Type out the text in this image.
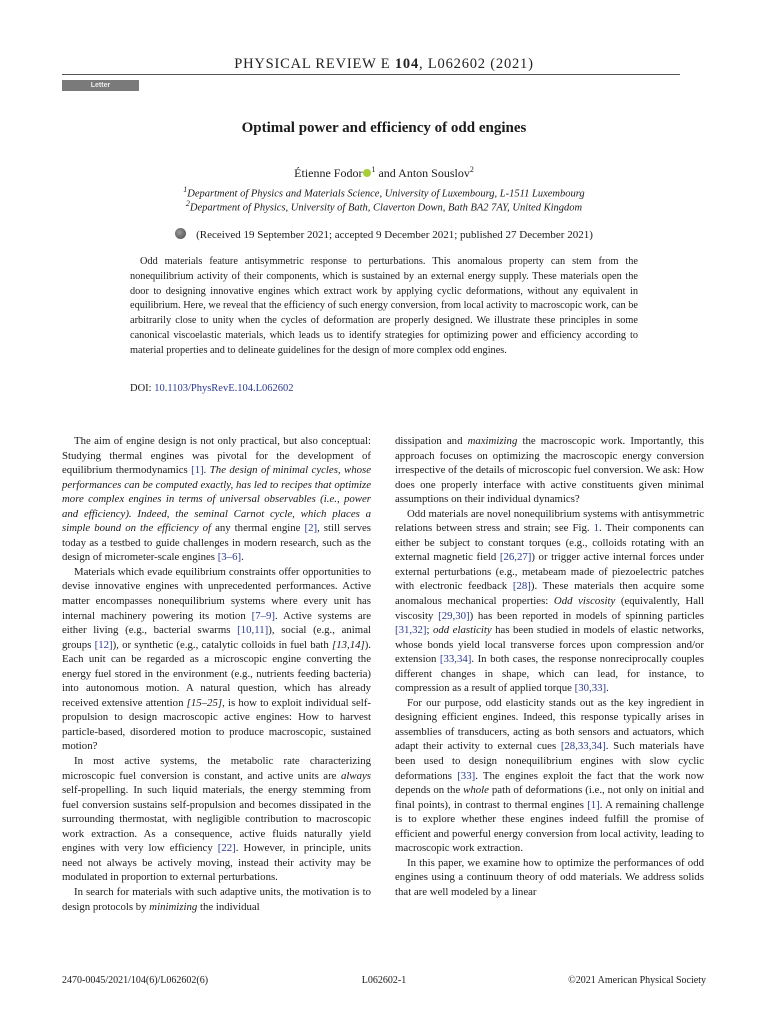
PHYSICAL REVIEW E 104, L062602 (2021)
Letter
Optimal power and efficiency of odd engines
Étienne Fodor $^1$ and Anton Souslov$^2$
$^1$Department of Physics and Materials Science, University of Luxembourg, L-1511 Luxembourg
$^2$Department of Physics, University of Bath, Claverton Down, Bath BA2 7AY, United Kingdom
(Received 19 September 2021; accepted 9 December 2021; published 27 December 2021)
Odd materials feature antisymmetric response to perturbations. This anomalous property can stem from the nonequilibrium activity of their components, which is sustained by an external energy supply. These materials open the door to designing innovative engines which extract work by applying cyclic deformations, without any equivalent in equilibrium. Here, we reveal that the efficiency of such energy conversion, from local activity to macroscopic work, can be arbitrarily close to unity when the cycles of deformation are properly designed. We illustrate these principles in some canonical viscoelastic materials, which leads us to identify strategies for optimizing power and efficiency according to material properties and to delineate guidelines for the design of more complex odd engines.
DOI: 10.1103/PhysRevE.104.L062602

The aim of engine design is not only practical, but also conceptual: Studying thermal engines was pivotal for the development of equilibrium thermodynamics [1]. The design of minimal cycles, whose performances can be computed exactly, has led to recipes that optimize more complex engines in terms of universal observables (i.e., power and efficiency). Indeed, the seminal Carnot cycle, which places a simple bound on the efficiency of any thermal engine [2], still serves today as a testbed to guide challenges in modern research, such as the design of micrometer-scale engines [3–6].

Materials which evade equilibrium constraints offer opportunities to devise innovative engines with unprecedented performances. Active matter encompasses nonequilibrium systems where every unit has internal machinery powering its motion [7–9]. Active systems are either living (e.g., bacterial swarms [10,11]), social (e.g., animal groups [12]), or synthetic (e.g., catalytic colloids in fuel bath [13,14]). Each unit can be regarded as a microscopic engine converting the energy fuel stored in the environment (e.g., nutrients feeding bacteria) into autonomous motion. A natural question, which has already received extensive attention [15–25], is how to exploit individual self-propulsion to design macroscopic active engines: How to harvest particle-based, disordered motion to produce macroscopic, sustained motion?

In most active systems, the metabolic rate characterizing microscopic fuel conversion is constant, and active units are always self-propelling. In such liquid materials, the energy stemming from fuel conversion sustains self-propulsion and becomes dissipated in the surrounding thermostat, with negligible contribution to macroscopic work extraction. As a consequence, active fluids naturally yield engines with very low efficiency [22]. However, in principle, units need not always be actively moving, instead their activity may be modulated in proportion to external perturbations.

In search for materials with such adaptive units, the motivation is to design protocols by minimizing the individual

dissipation and maximizing the macroscopic work. Importantly, this approach focuses on optimizing the macroscopic energy conversion irrespective of the details of microscopic fuel conversion. We ask: How does one properly interface with active constituents given minimal assumptions on their individual dynamics?

Odd materials are novel nonequilibrium systems with antisymmetric relations between stress and strain; see Fig. 1. Their components can either be subject to constant torques (e.g., colloids rotating with an external magnetic field [26,27]) or trigger active internal forces under external perturbations (e.g., metabeam made of piezoelectric patches with electronic feedback [28]). These materials then acquire some anomalous mechanical properties: Odd viscosity (equivalently, Hall viscosity [29,30]) has been reported in models of spinning particles [31,32]; odd elasticity has been studied in models of elastic networks, whose bonds yield local transverse forces upon compression and/or extension [33,34]. In both cases, the response nonreciprocally couples different changes in shape, which can lead, for instance, to compression as a result of applied torque [30,33].

For our purpose, odd elasticity stands out as the key ingredient in designing efficient engines. Indeed, this response typically arises in assemblies of transducers, acting as both sensors and actuators, which adapt their activity to external cues [28,33,34]. Such materials have been used to design nonequilibrium engines with slow cyclic deformations [33]. The engines exploit the fact that the work now depends on the whole path of deformations (i.e., not only on initial and final points), in contrast to thermal engines [1]. A remaining challenge is to explore whether these engines indeed fulfill the promise of efficient and powerful energy conversion from local activity, leading to macroscopic work extraction.

In this paper, we examine how to optimize the performances of odd engines using a continuum theory of odd materials. We address solids that are well modeled by a linear

2470-0045/2021/104(6)/L062602(6)	L062602-1	©2021 American Physical Society
